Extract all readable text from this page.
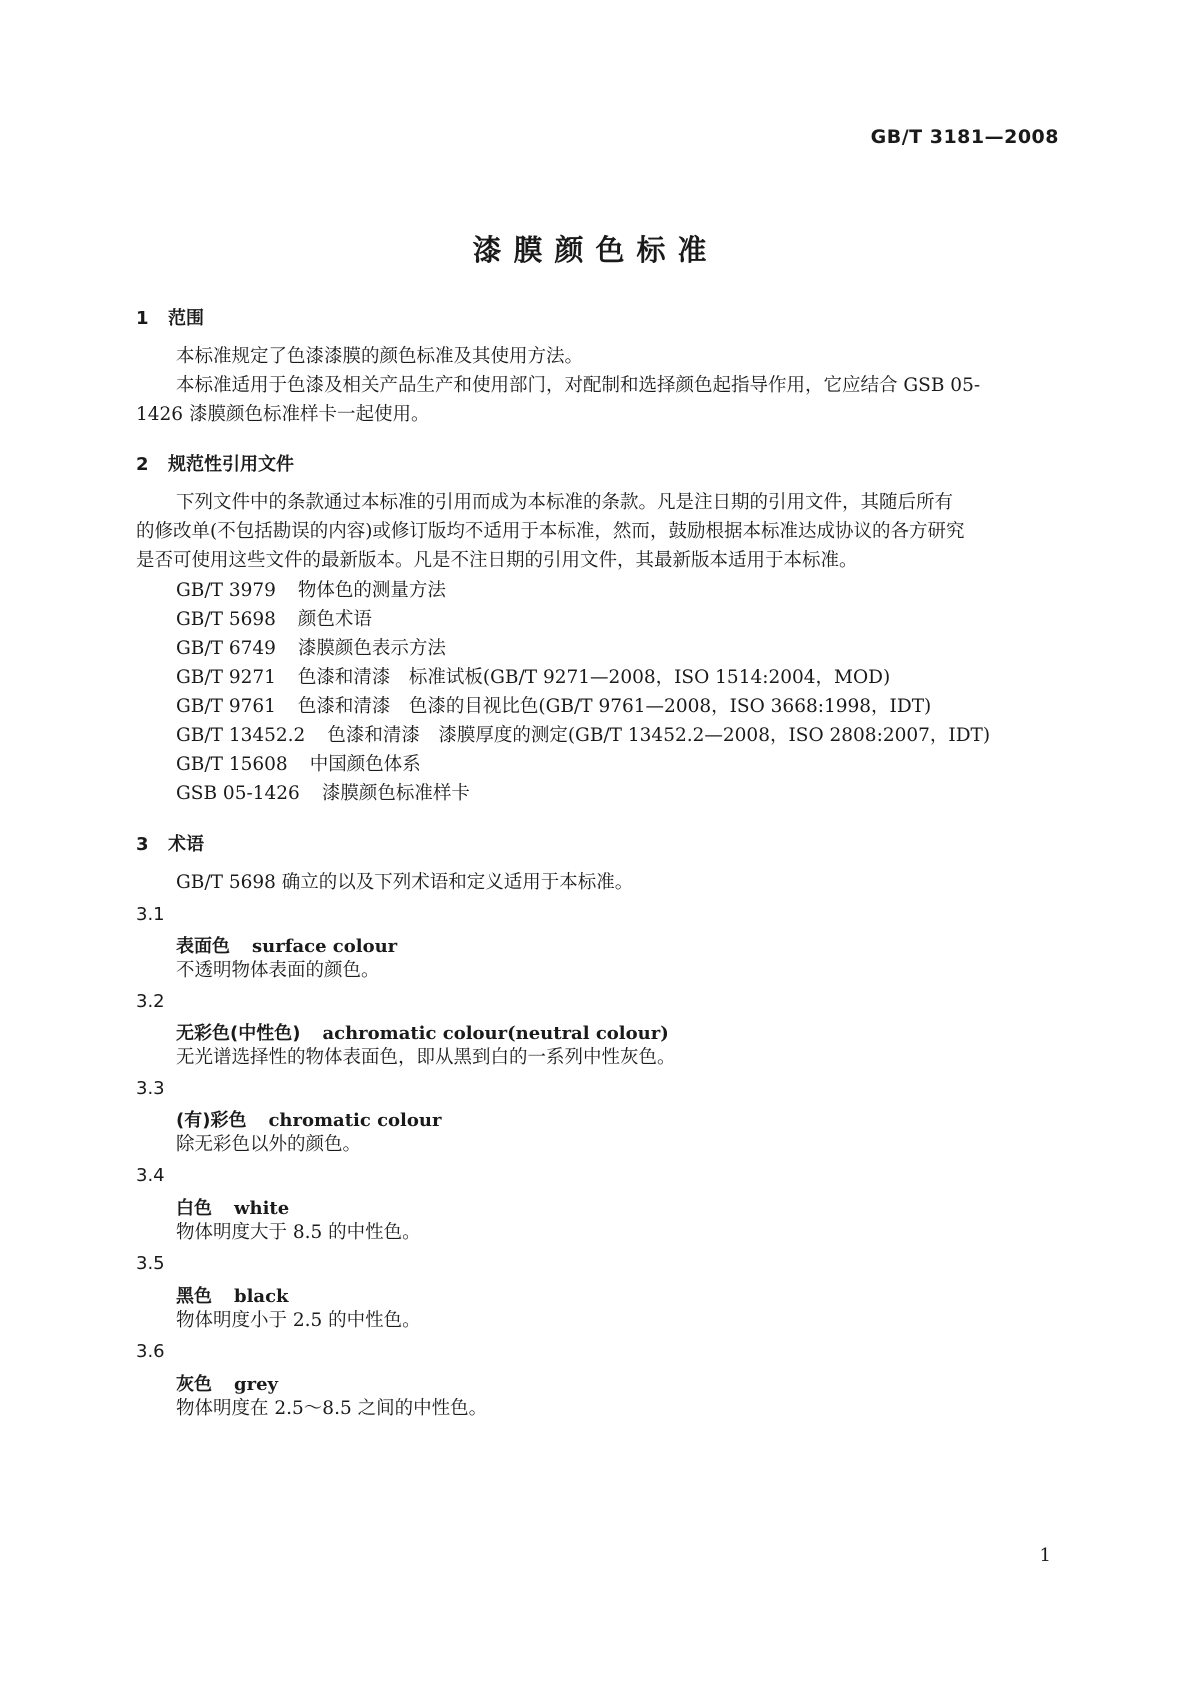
GB/T 3181—2008
漆膜颜色标准
1 范围
本标准规定了色漆漆膜的颜色标准及其使用方法。
本标准适用于色漆及相关产品生产和使用部门，对配制和选择颜色起指导作用，它应结合 GSB 05-
1426 漆膜颜色标准样卡一起使用。
2 规范性引用文件
下列文件中的条款通过本标准的引用而成为本标准的条款。凡是注日期的引用文件，其随后所有
的修改单(不包括勘误的内容)或修订版均不适用于本标准，然而，鼓励根据本标准达成协议的各方研究
是否可使用这些文件的最新版本。凡是不注日期的引用文件，其最新版本适用于本标准。
GB/T 3979 物体色的测量方法
GB/T 5698 颜色术语
GB/T 6749 漆膜颜色表示方法
GB/T 9271 色漆和清漆　标准试板(GB/T 9271—2008，ISO 1514:2004，MOD)
GB/T 9761 色漆和清漆　色漆的目视比色(GB/T 9761—2008，ISO 3668:1998，IDT)
GB/T 13452.2 色漆和清漆　漆膜厚度的测定(GB/T 13452.2—2008，ISO 2808:2007，IDT)
GB/T 15608 中国颜色体系
GSB 05-1426 漆膜颜色标准样卡
3 术语
GB/T 5698 确立的以及下列术语和定义适用于本标准。
3.1
表面色 surface colour
不透明物体表面的颜色。
3.2
无彩色(中性色) achromatic colour(neutral colour)
无光谱选择性的物体表面色，即从黑到白的一系列中性灰色。
3.3
(有)彩色 chromatic colour
除无彩色以外的颜色。
3.4
白色 white
物体明度大于 8.5 的中性色。
3.5
黑色 black
物体明度小于 2.5 的中性色。
3.6
灰色 grey
物体明度在 2.5～8.5 之间的中性色。
1
